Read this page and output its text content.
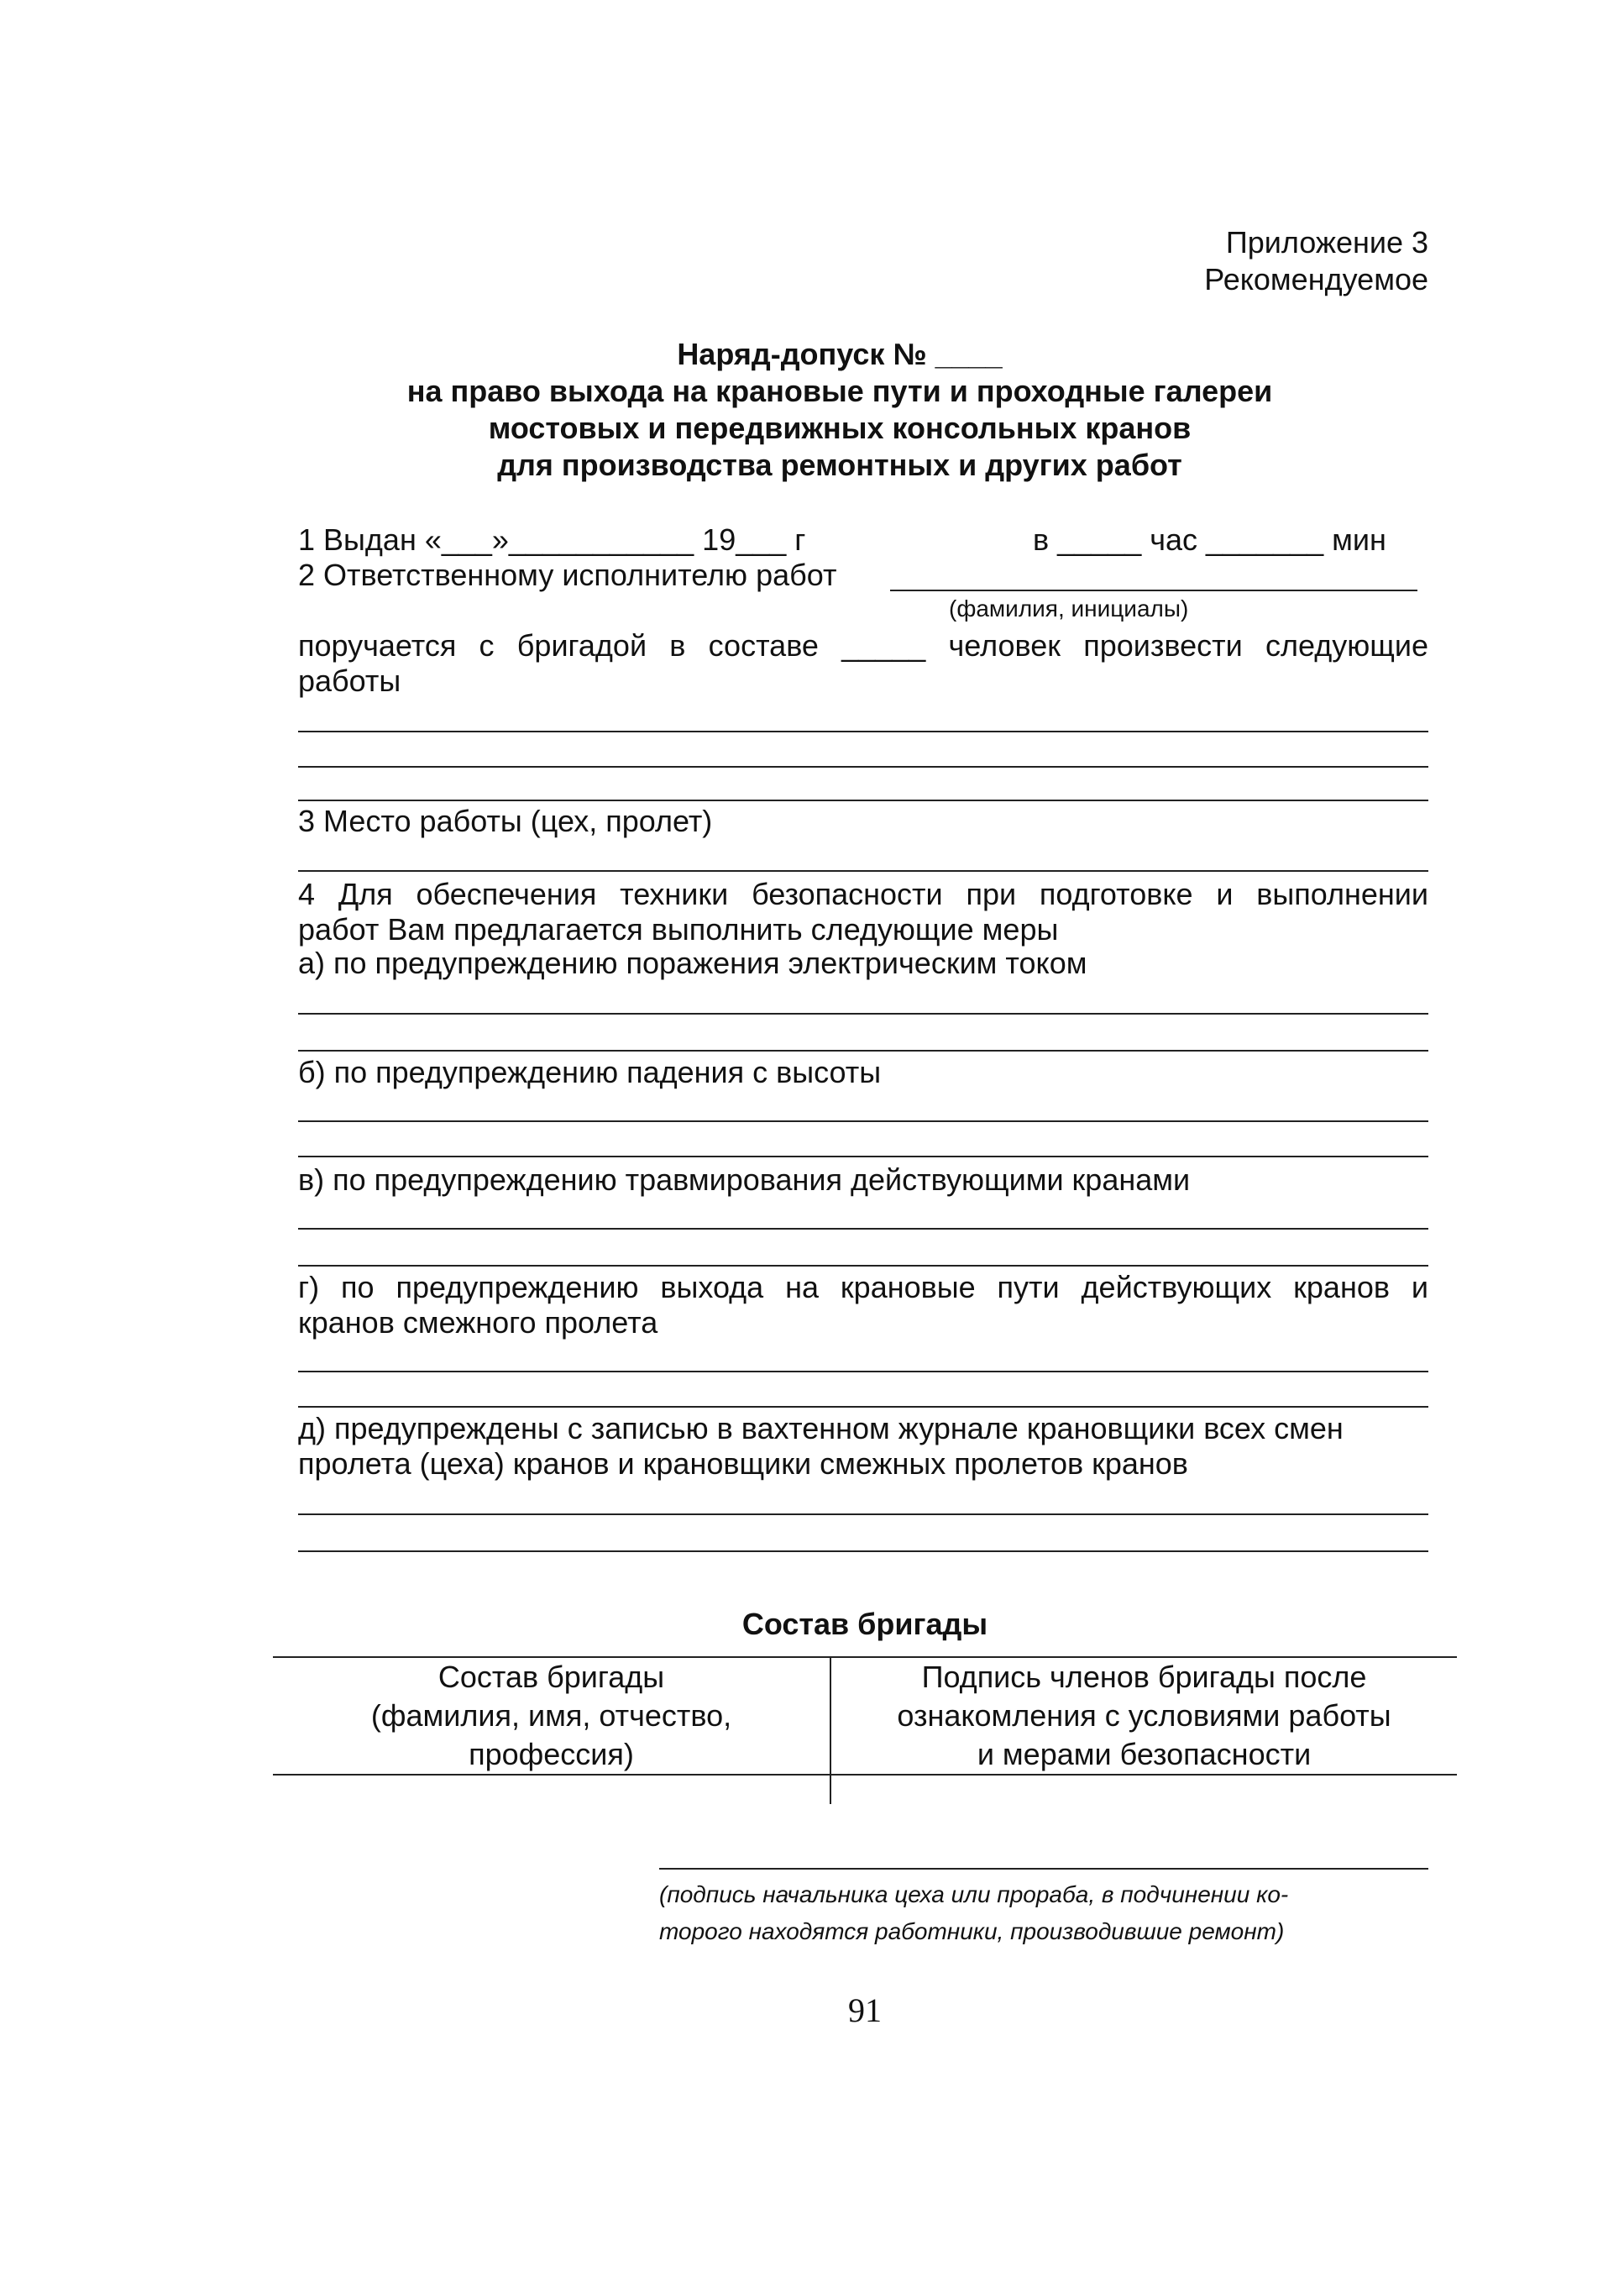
Приложение 3
Рекомендуемое
Наряд-допуск № ____
на право выхода на крановые пути и проходные галереи
мостовых и передвижных консольных кранов
для производства ремонтных и других работ
1 Выдан «___»___________ 19___ г	в _____ час _______ мин
2 Ответственному исполнителю работ
(фамилия, инициалы)
поручается с бригадой в составе _____ человек произвести следующие
работы
3 Место работы (цех, пролет)
4 Для обеспечения техники безопасности при подготовке и выполнении
работ Вам предлагается выполнить следующие меры
а) по предупреждению поражения электрическим током
б) по предупреждению падения с высоты
в) по предупреждению травмирования действующими кранами
г) по предупреждению выхода на крановые пути действующих кранов и
кранов смежного пролета
д) предупреждены с записью в вахтенном журнале крановщики всех смен
пролета (цеха) кранов и крановщики смежных пролетов кранов
Состав бригады
Состав бригады
(фамилия, имя, отчество,
профессия)
Подпись членов бригады после
ознакомления с условиями работы
и мерами безопасности
(подпись начальника цеха или прораба, в подчинении ко-
торого находятся работники, производившие ремонт)
91
